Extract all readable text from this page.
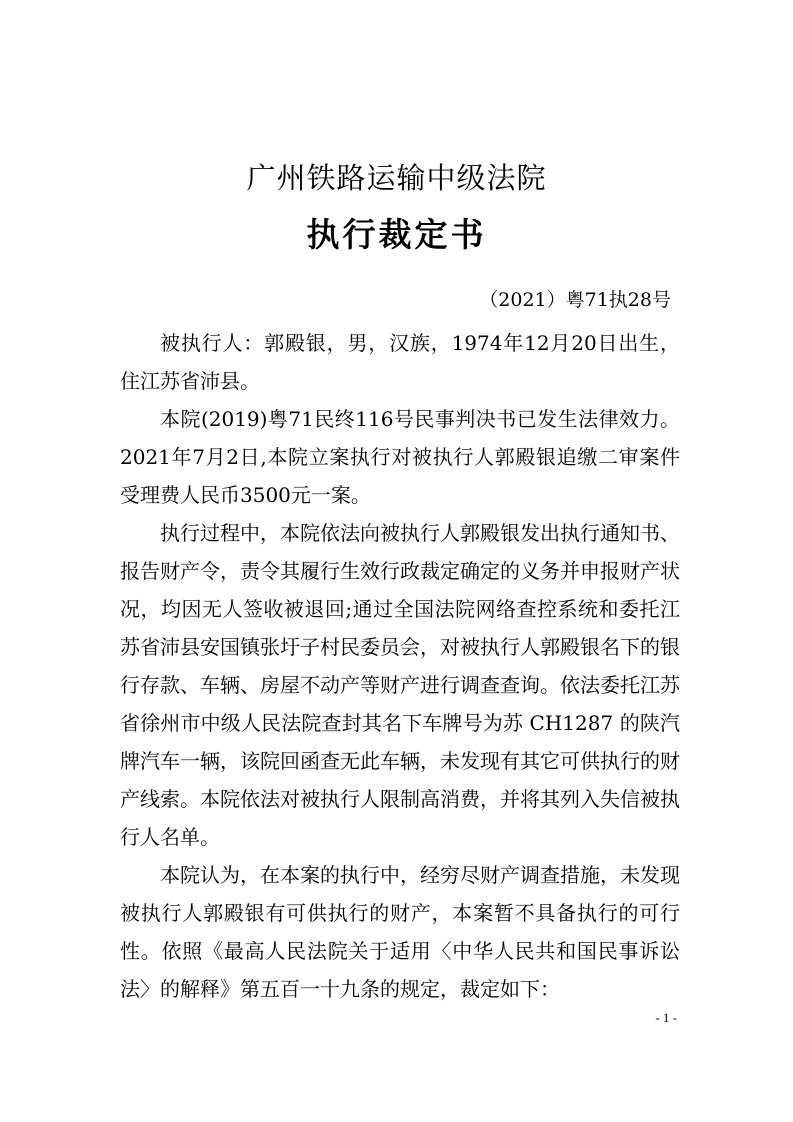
广州铁路运输中级法院
执行裁定书
（2021）粤71执28号

被执行人：郭殿银，男，汉族，1974年12月20日出生，住江苏省沛县。

本院(2019)粤71民终116号民事判决书已发生法律效力。2021年7月2日,本院立案执行对被执行人郭殿银追缴二审案件受理费人民币3500元一案。

执行过程中，本院依法向被执行人郭殿银发出执行通知书、报告财产令，责令其履行生效行政裁定确定的义务并申报财产状况，均因无人签收被退回;通过全国法院网络查控系统和委托江苏省沛县安国镇张圩子村民委员会，对被执行人郭殿银名下的银行存款、车辆、房屋不动产等财产进行调查查询。依法委托江苏省徐州市中级人民法院查封其名下车牌号为苏 CH1287 的陕汽牌汽车一辆，该院回函查无此车辆，未发现有其它可供执行的财产线索。本院依法对被执行人限制高消费，并将其列入失信被执行人名单。

本院认为，在本案的执行中，经穷尽财产调查措施，未发现被执行人郭殿银有可供执行的财产，本案暂不具备执行的可行性。依照《最高人民法院关于适用〈中华人民共和国民事诉讼法〉的解释》第五百一十九条的规定，裁定如下：

- 1 -
